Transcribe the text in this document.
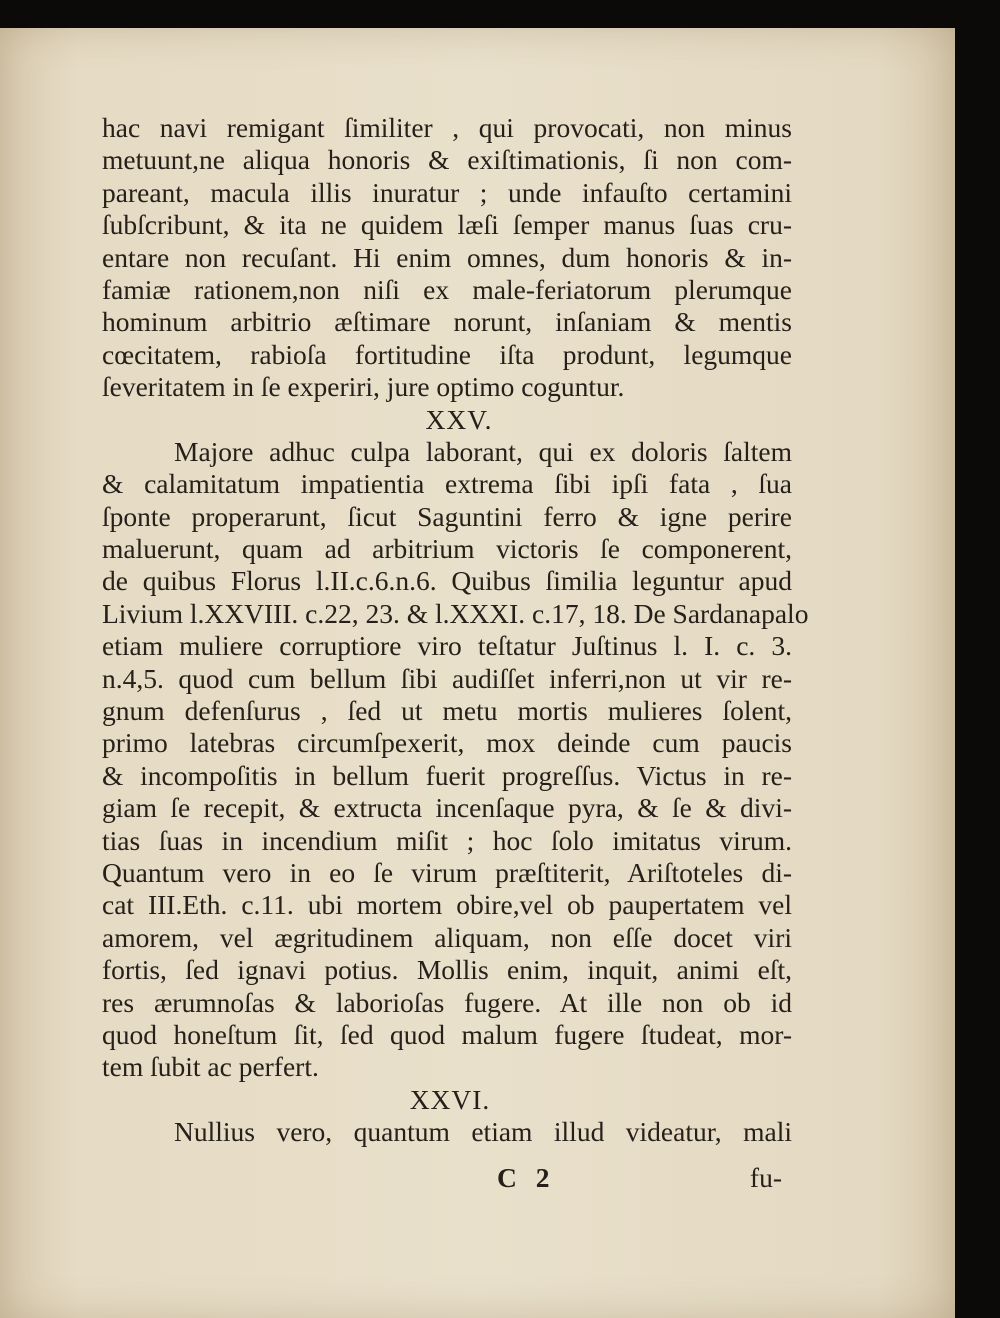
hac navi remigant ſimiliter , qui provocati, non minus
metuunt,ne aliqua honoris & exiſtimationis, ſi non com-
pareant, macula illis inuratur ; unde infauſto certamini
ſubſcribunt, & ita ne quidem læſi ſemper manus ſuas cru-
entare non recuſant. Hi enim omnes, dum honoris & in-
famiæ rationem,non niſi ex male-feriatorum plerumque
hominum arbitrio æſtimare norunt, inſaniam & mentis
cœcitatem, rabioſa fortitudine iſta produnt, legumque
ſeveritatem in ſe experiri, jure optimo coguntur.
XXV.
Majore adhuc culpa laborant, qui ex doloris ſaltem
& calamitatum impatientia extrema ſibi ipſi fata , ſua
ſponte properarunt, ſicut Saguntini ferro & igne perire
maluerunt, quam ad arbitrium victoris ſe componerent,
de quibus Florus l.II.c.6.n.6. Quibus ſimilia leguntur apud
Livium l.XXVIII. c.22, 23. & l.XXXI. c.17, 18. De Sardanapalo
etiam muliere corruptiore viro teſtatur Juſtinus l. I. c. 3.
n.4,5. quod cum bellum ſibi audiſſet inferri,non ut vir re-
gnum defenſurus , ſed ut metu mortis mulieres ſolent,
primo latebras circumſpexerit, mox deinde cum paucis
& incompoſitis in bellum fuerit progreſſus. Victus in re-
giam ſe recepit, & extructa incenſaque pyra, & ſe & divi-
tias ſuas in incendium miſit ; hoc ſolo imitatus virum.
Quantum vero in eo ſe virum præſtiterit, Ariſtoteles di-
cat III.Eth. c.11. ubi mortem obire,vel ob paupertatem vel
amorem, vel ægritudinem aliquam, non eſſe docet viri
fortis, ſed ignavi potius. Mollis enim, inquit, animi eſt,
res ærumnoſas & laborioſas fugere. At ille non ob id
quod honeſtum ſit, ſed quod malum fugere ſtudeat, mor-
tem ſubit ac perfert.
XXVI.
Nullius vero, quantum etiam illud videatur, mali
C 2	fu-
